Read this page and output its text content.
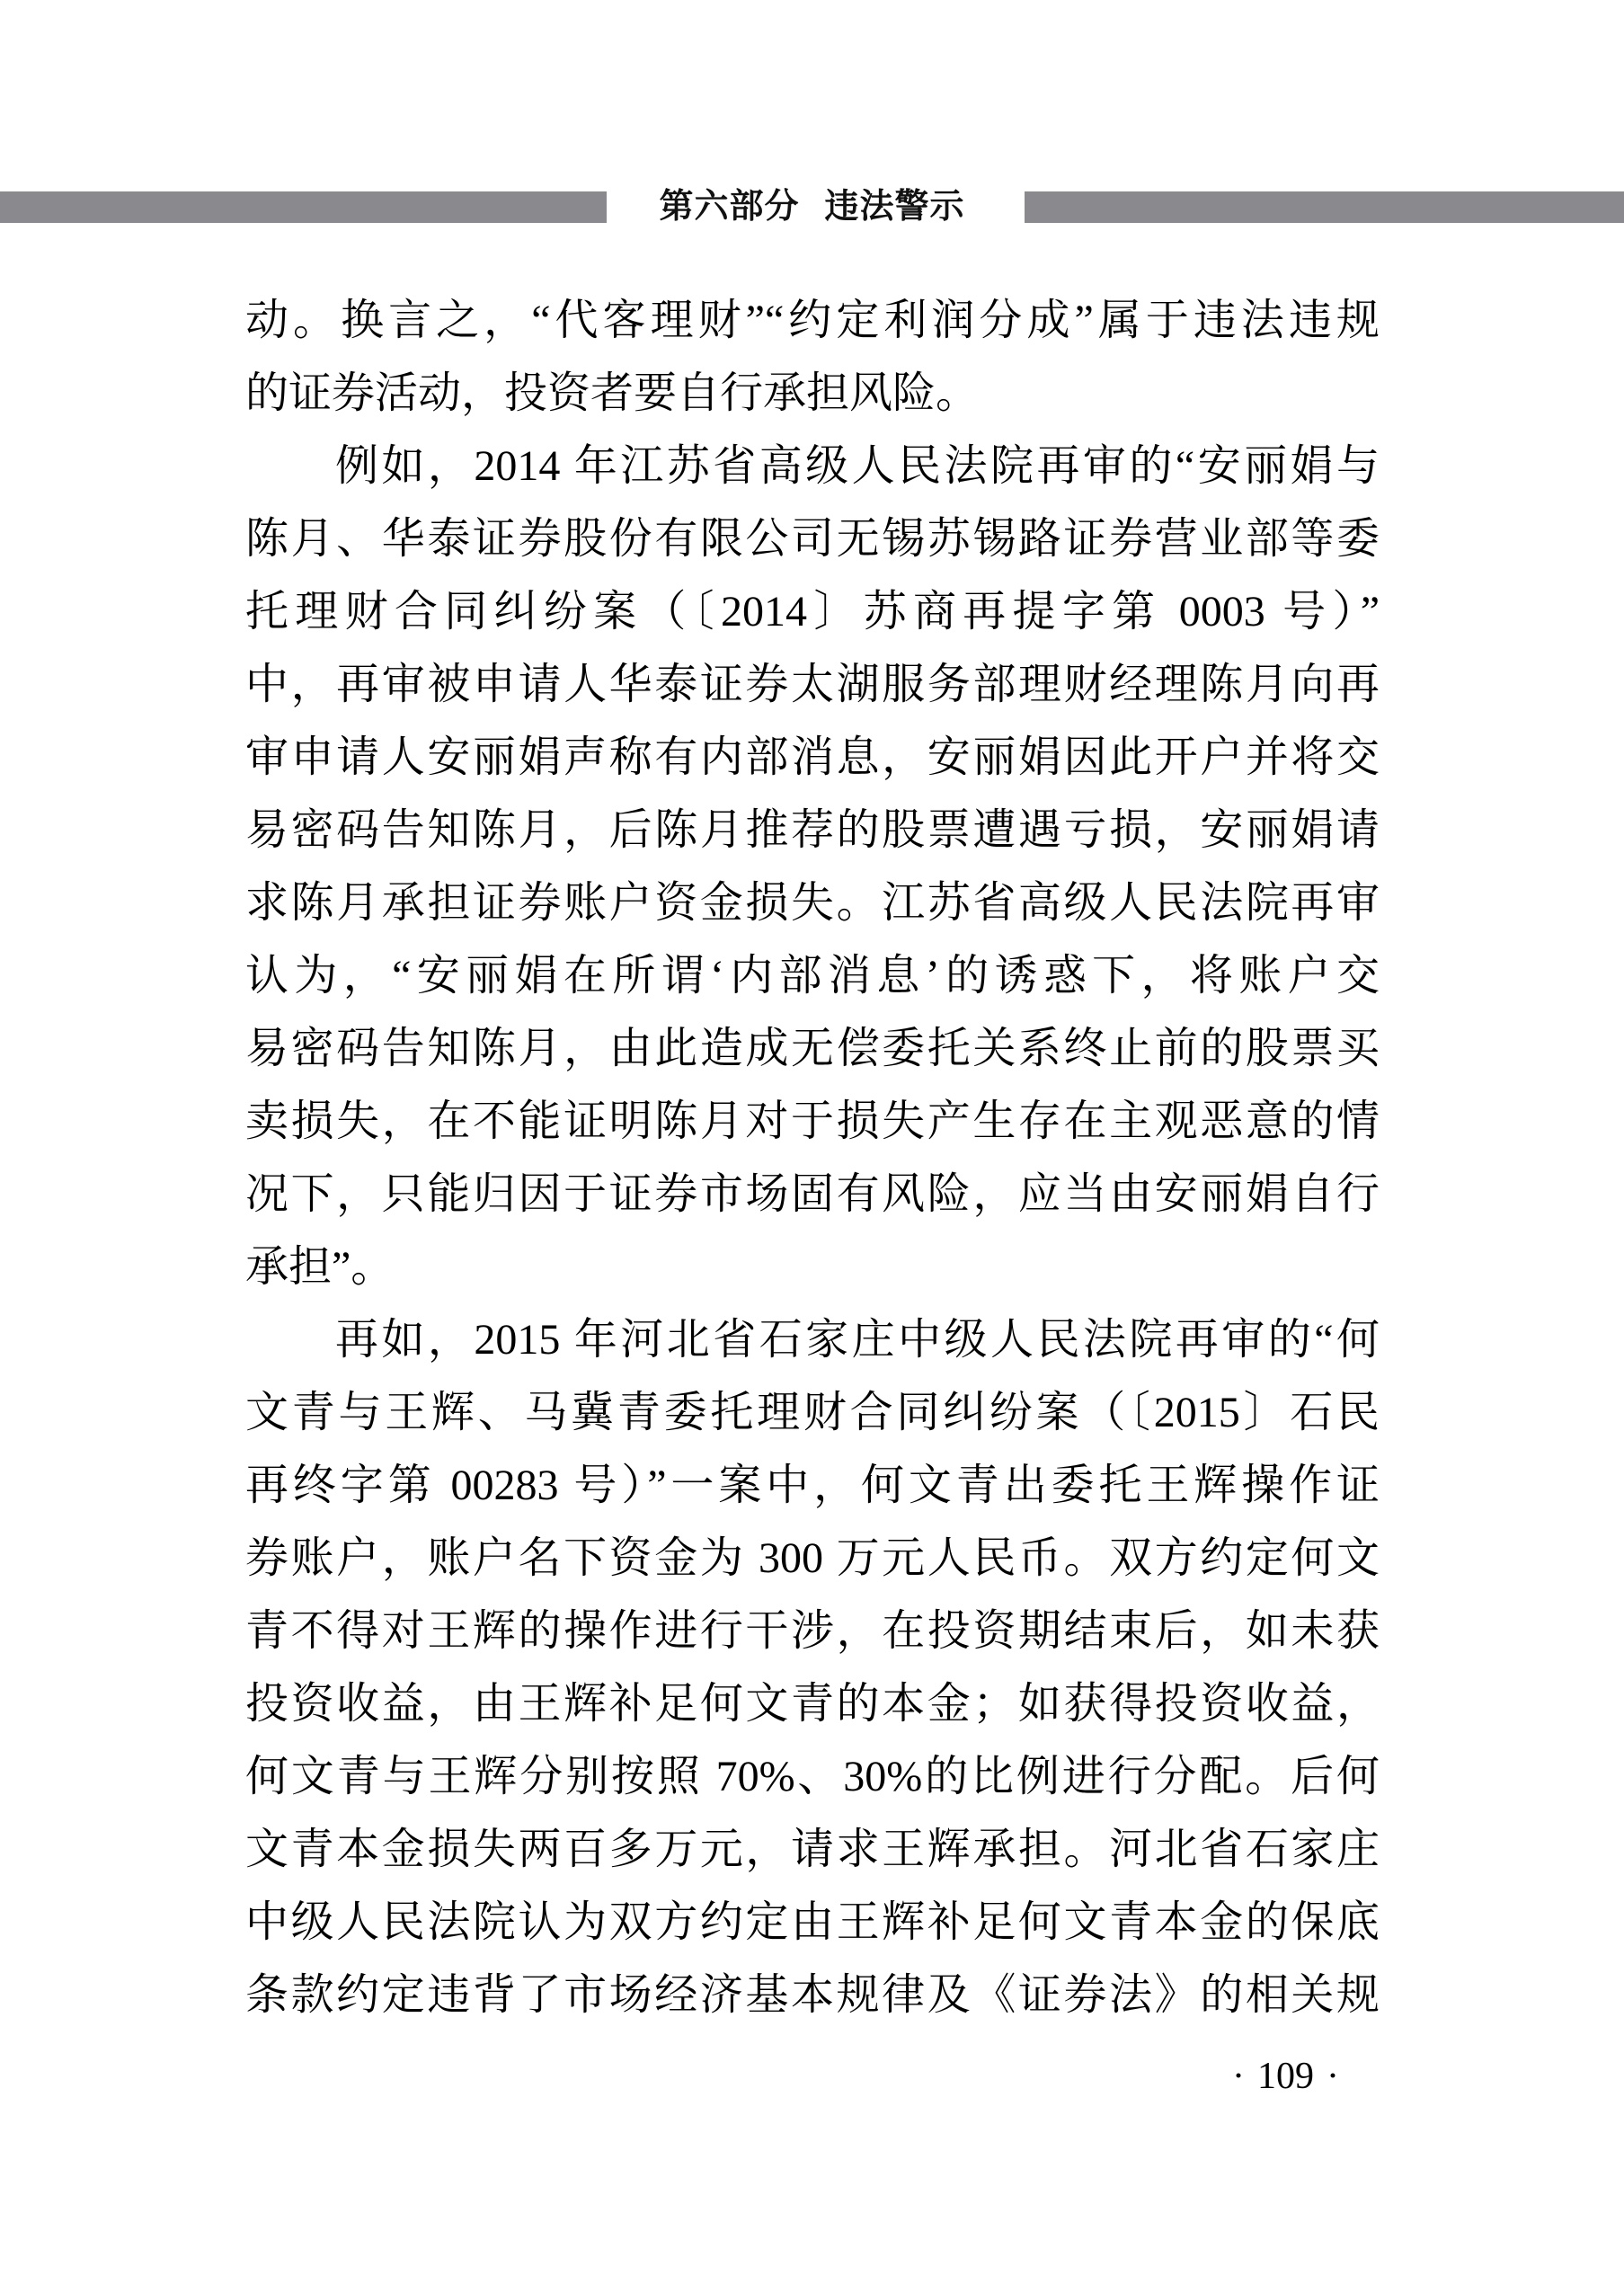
第六部分 违法警示
动。换言之，“代客理财”“约定利润分成”属于违法违规
的证券活动，投资者要自行承担风险。
例如，2014 年江苏省高级人民法院再审的“安丽娟与
陈月、华泰证券股份有限公司无锡苏锡路证券营业部等委
托理财合同纠纷案（〔2014〕苏商再提字第 0003 号）”
中，再审被申请人华泰证券太湖服务部理财经理陈月向再
审申请人安丽娟声称有内部消息，安丽娟因此开户并将交
易密码告知陈月，后陈月推荐的股票遭遇亏损，安丽娟请
求陈月承担证券账户资金损失。江苏省高级人民法院再审
认为，“安丽娟在所谓‘内部消息’的诱惑下，将账户交
易密码告知陈月，由此造成无偿委托关系终止前的股票买
卖损失，在不能证明陈月对于损失产生存在主观恶意的情
况下，只能归因于证券市场固有风险，应当由安丽娟自行
承担”。
再如，2015 年河北省石家庄中级人民法院再审的“何
文青与王辉、马冀青委托理财合同纠纷案（〔2015〕石民
再终字第 00283 号）”一案中，何文青出委托王辉操作证
券账户，账户名下资金为 300 万元人民币。双方约定何文
青不得对王辉的操作进行干涉，在投资期结束后，如未获
投资收益，由王辉补足何文青的本金；如获得投资收益，
何文青与王辉分别按照 70%、30%的比例进行分配。后何
文青本金损失两百多万元，请求王辉承担。河北省石家庄
中级人民法院认为双方约定由王辉补足何文青本金的保底
条款约定违背了市场经济基本规律及《证券法》的相关规
· 109 ·
